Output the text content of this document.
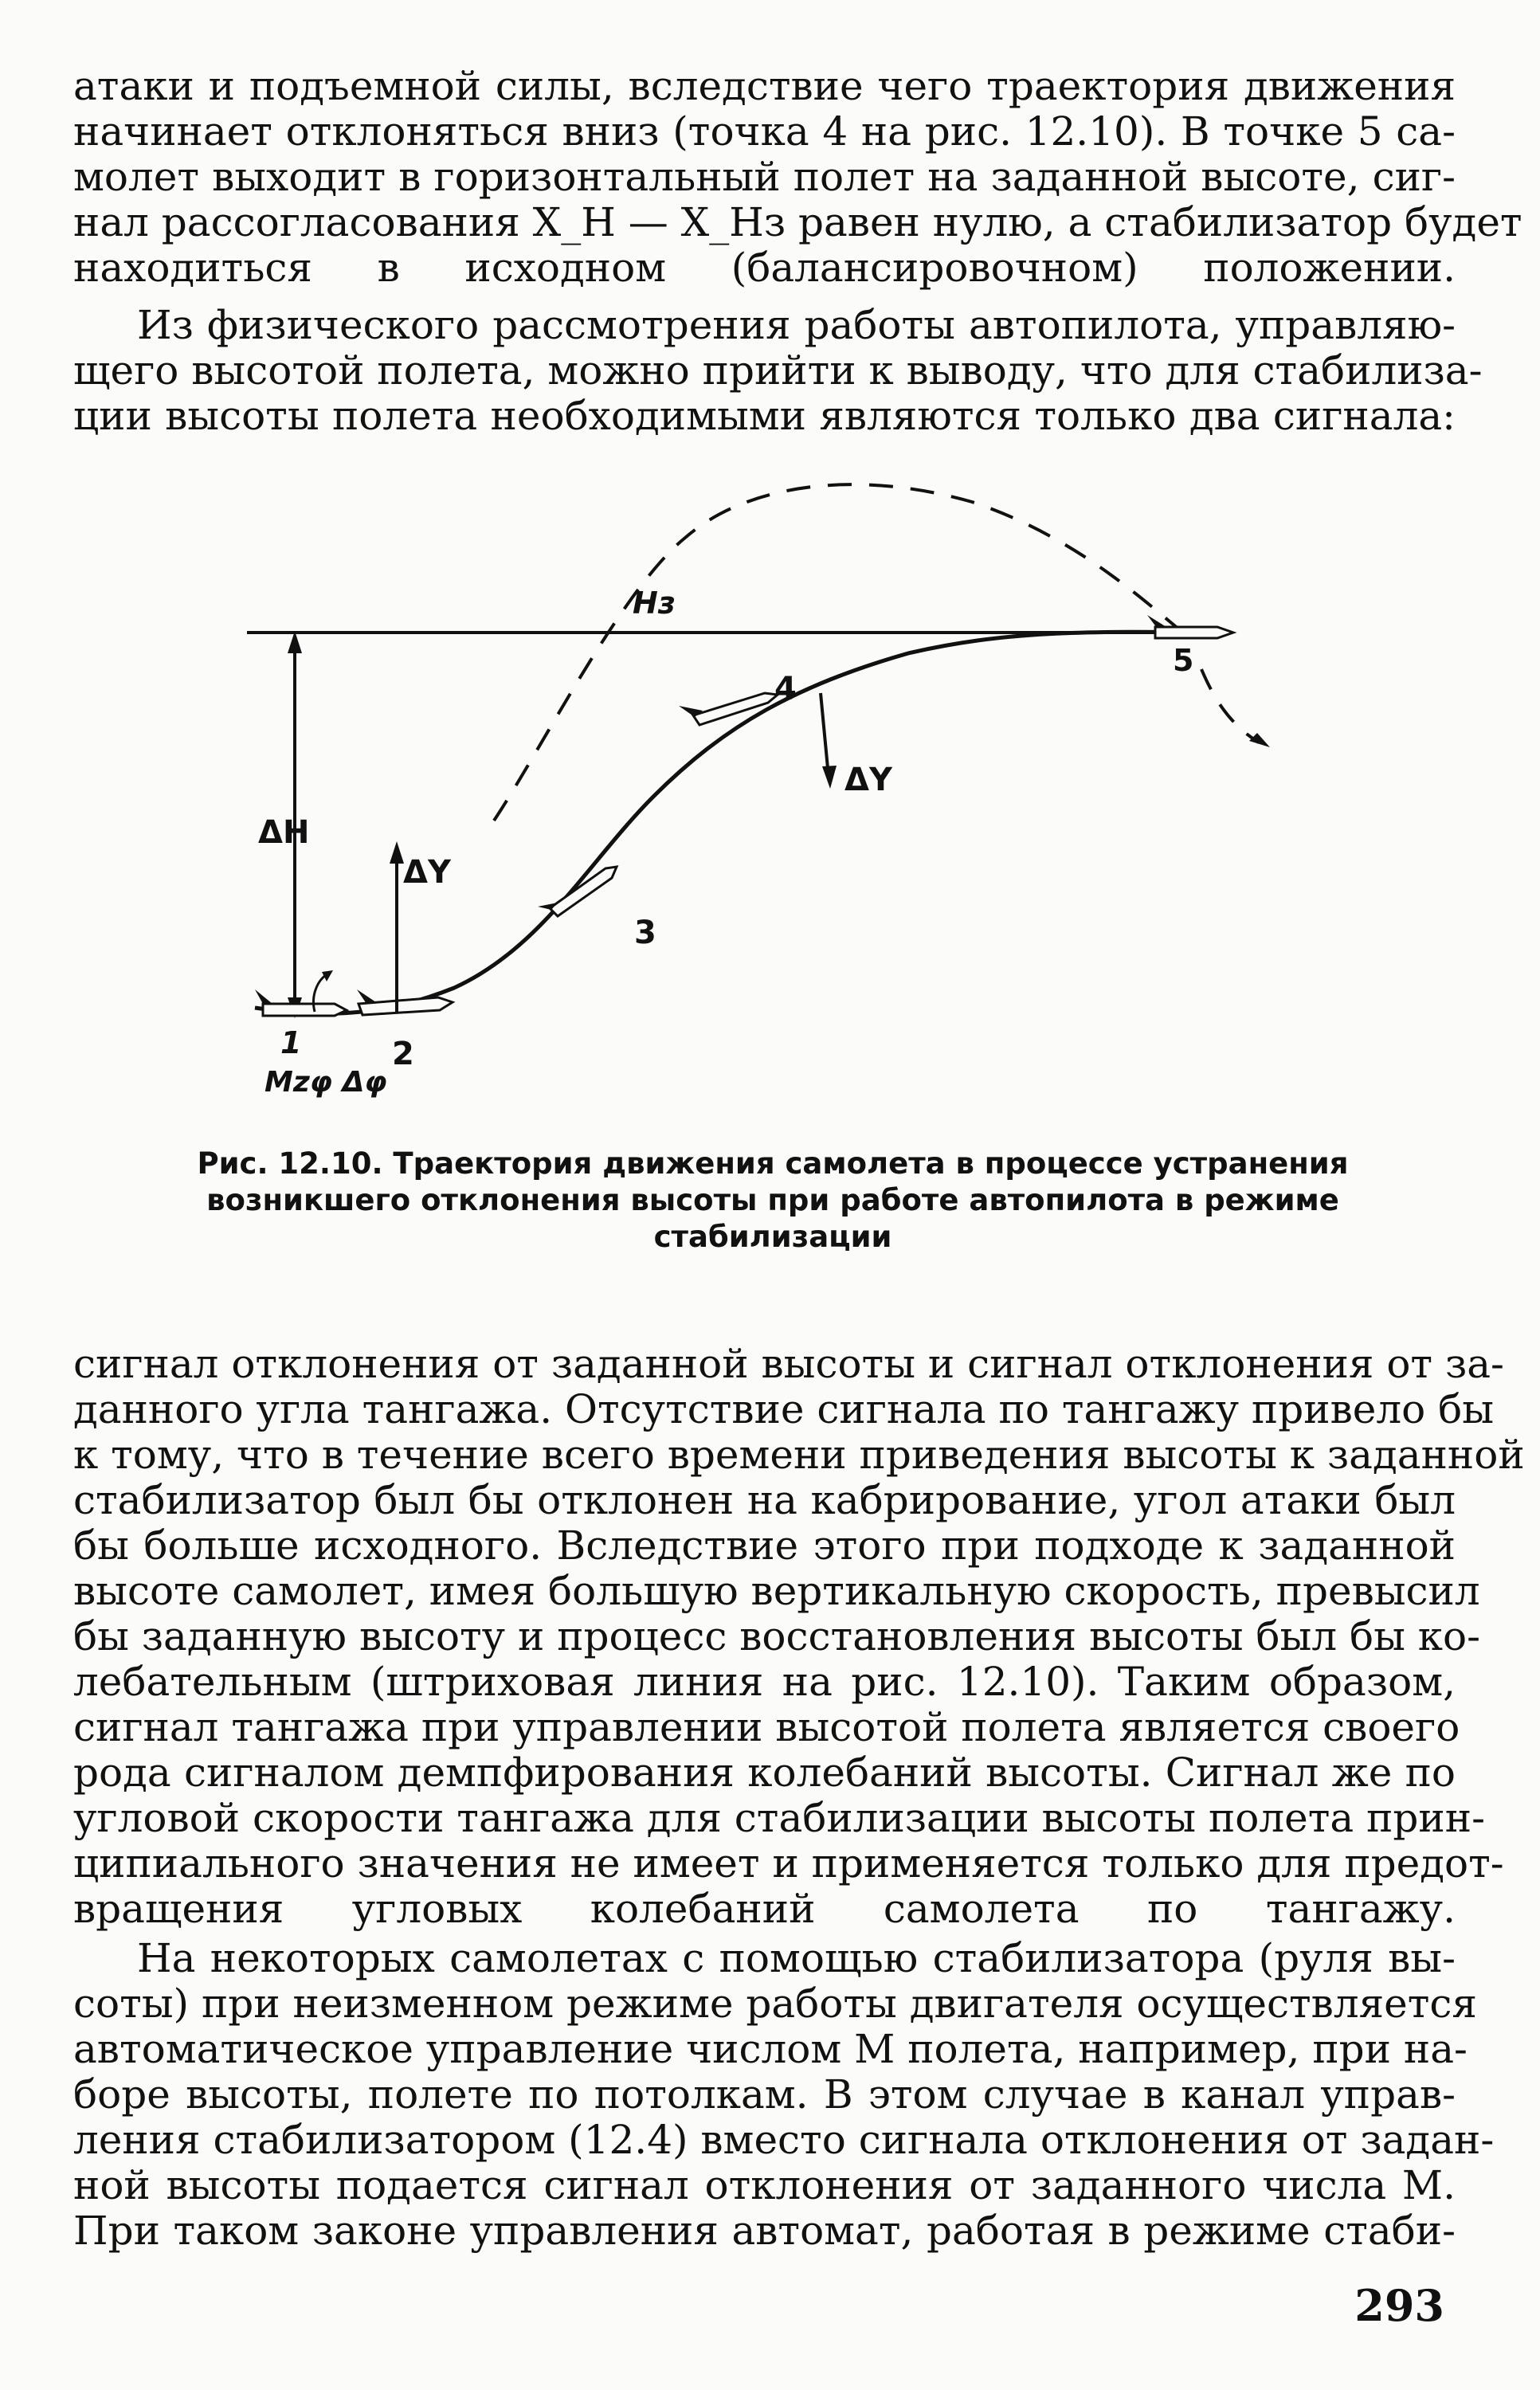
атаки и подъемной силы, вследствие чего траектория движения
начинает отклоняться вниз (точка 4 на рис. 12.10). В точке 5 са-
молет выходит в горизонтальный полет на заданной высоте, сиг-
нал рассогласования X_H — X_Hз равен нулю, а стабилизатор будет
находиться в исходном (балансировочном) положении.
Из физического рассмотрения работы автопилота, управляю-
щего высотой полета, можно прийти к выводу, что для стабилиза-
ции высоты полета необходимыми являются только два сигнала:
Hз
ΔH
ΔY
ΔY
1	2
3
4
5
Mzφ Δφ

Рис. 12.10. Траектория движения самолета в процессе устранения
возникшего отклонения высоты при работе автопилота в режиме
стабилизации

сигнал отклонения от заданной высоты и сигнал отклонения от за-
данного угла тангажа. Отсутствие сигнала по тангажу привело бы
к тому, что в течение всего времени приведения высоты к заданной
стабилизатор был бы отклонен на кабрирование, угол атаки был
бы больше исходного. Вследствие этого при подходе к заданной
высоте самолет, имея большую вертикальную скорость, превысил
бы заданную высоту и процесс восстановления высоты был бы ко-
лебательным (штриховая линия на рис. 12.10). Таким образом,
сигнал тангажа при управлении высотой полета является своего
рода сигналом демпфирования колебаний высоты. Сигнал же по
угловой скорости тангажа для стабилизации высоты полета прин-
ципиального значения не имеет и применяется только для предот-
вращения угловых колебаний самолета по тангажу.
На некоторых самолетах с помощью стабилизатора (руля вы-
соты) при неизменном режиме работы двигателя осуществляется
автоматическое управление числом М полета, например, при на-
боре высоты, полете по потолкам. В этом случае в канал управ-
ления стабилизатором (12.4) вместо сигнала отклонения от задан-
ной высоты подается сигнал отклонения от заданного числа М.
При таком законе управления автомат, работая в режиме стаби-
293
